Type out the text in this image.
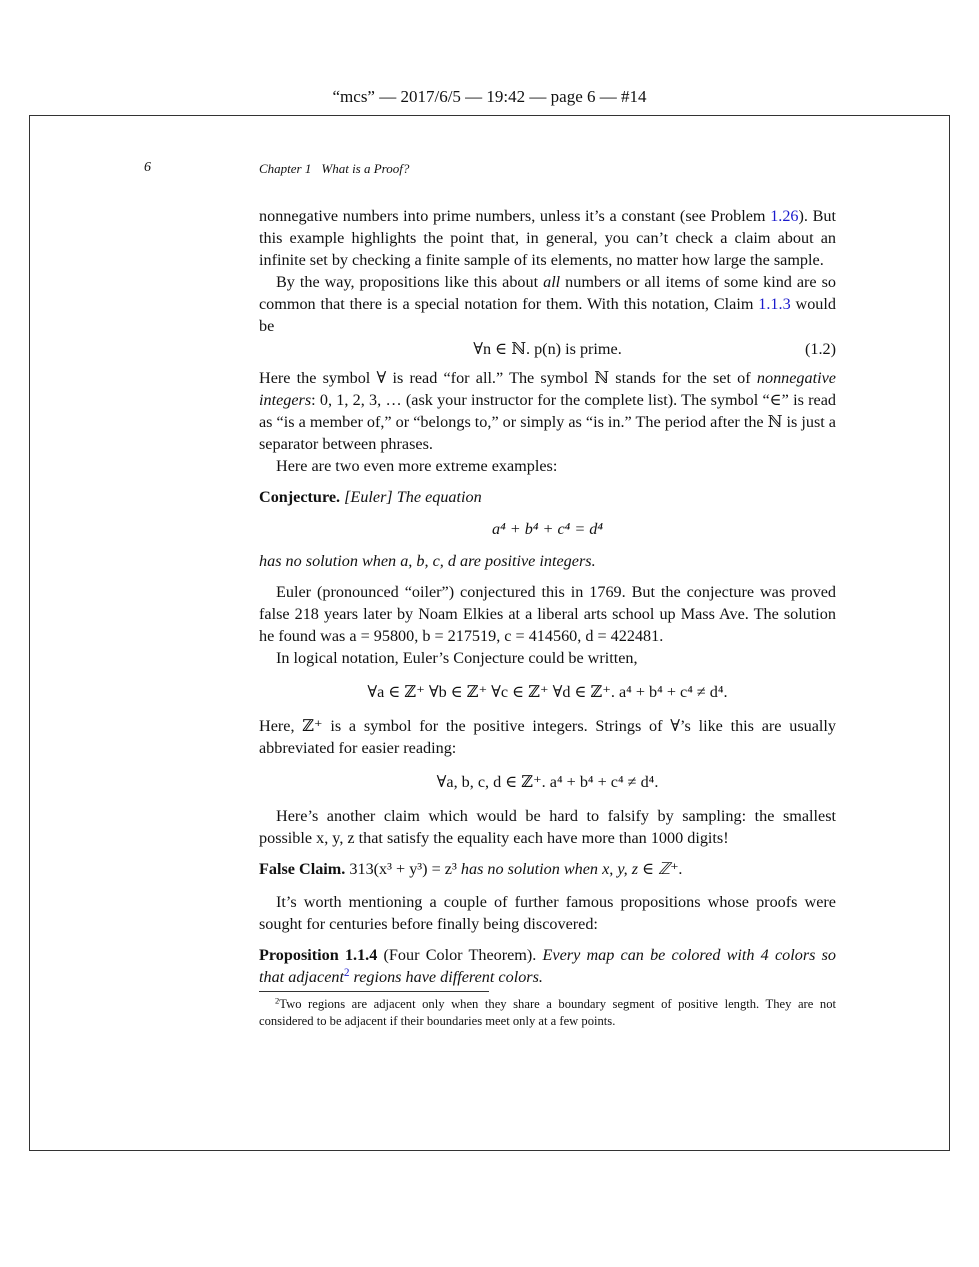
“mcs” — 2017/6/5 — 19:42 — page 6 — #14
6	Chapter 1 What is a Proof?

nonnegative numbers into prime numbers, unless it’s a constant (see Problem 1.26). But this example highlights the point that, in general, you can’t check a claim about an infinite set by checking a finite sample of its elements, no matter how large the sample.

By the way, propositions like this about all numbers or all items of some kind are so common that there is a special notation for them. With this notation, Claim 1.1.3 would be

∀n ∈ ℕ. p(n) is prime.	(1.2)

Here the symbol ∀ is read “for all.” The symbol ℕ stands for the set of nonnegative integers: 0, 1, 2, 3, … (ask your instructor for the complete list). The symbol “∈” is read as “is a member of,” or “belongs to,” or simply as “is in.” The period after the ℕ is just a separator between phrases.

Here are two even more extreme examples:

Conjecture. [Euler] The equation

a⁴ + b⁴ + c⁴ = d⁴

has no solution when a, b, c, d are positive integers.

Euler (pronounced “oiler”) conjectured this in 1769. But the conjecture was proved false 218 years later by Noam Elkies at a liberal arts school up Mass Ave. The solution he found was a = 95800, b = 217519, c = 414560, d = 422481.

In logical notation, Euler’s Conjecture could be written,

∀a ∈ ℤ⁺ ∀b ∈ ℤ⁺ ∀c ∈ ℤ⁺ ∀d ∈ ℤ⁺. a⁴ + b⁴ + c⁴ ≠ d⁴.

Here, ℤ⁺ is a symbol for the positive integers. Strings of ∀’s like this are usually abbreviated for easier reading:

∀a, b, c, d ∈ ℤ⁺. a⁴ + b⁴ + c⁴ ≠ d⁴.

Here’s another claim which would be hard to falsify by sampling: the smallest possible x, y, z that satisfy the equality each have more than 1000 digits!

False Claim. 313(x³ + y³) = z³ has no solution when x, y, z ∈ ℤ⁺.

It’s worth mentioning a couple of further famous propositions whose proofs were sought for centuries before finally being discovered:

Proposition 1.1.4 (Four Color Theorem). Every map can be colored with 4 colors so that adjacent$^2$ regions have different colors.

$^2$Two regions are adjacent only when they share a boundary segment of positive length. They are not considered to be adjacent if their boundaries meet only at a few points.
